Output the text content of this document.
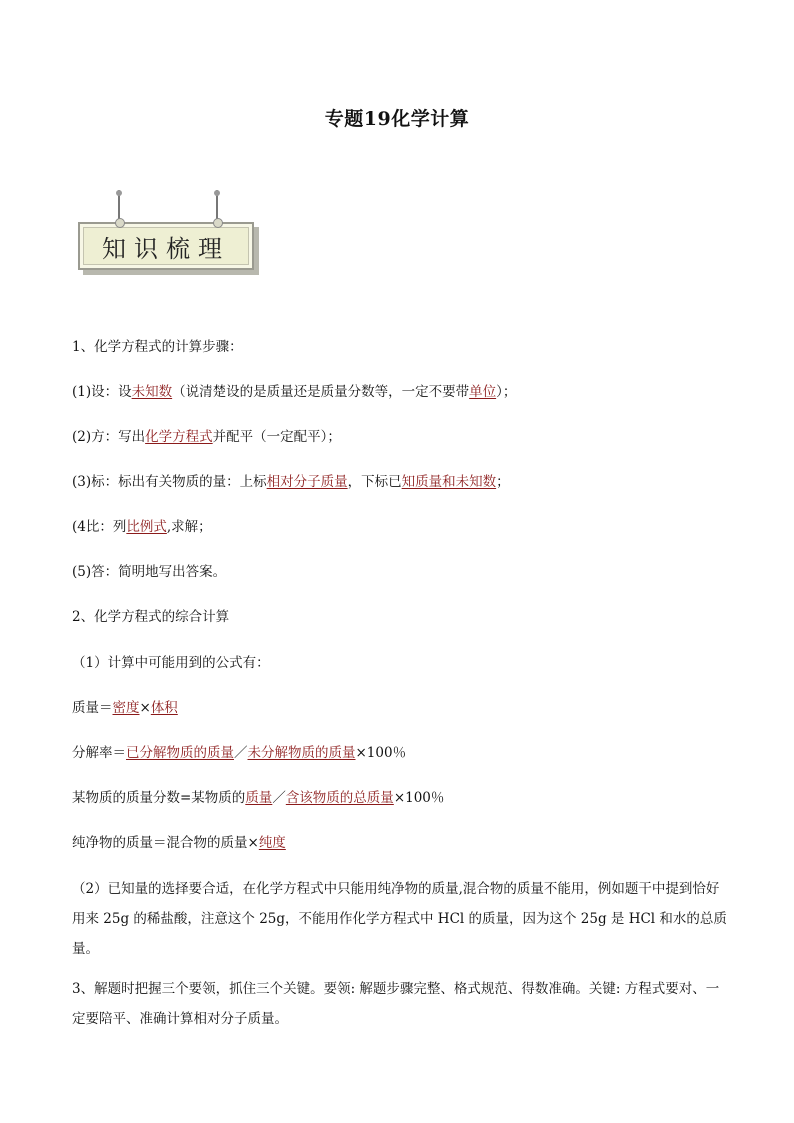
专题19化学计算
知识梳理
1、化学方程式的计算步骤：
(1)设：设未知数（说清楚设的是质量还是质量分数等，一定不要带单位）；
(2)方：写出化学方程式并配平（一定配平）；
(3)标：标出有关物质的量：上标相对分子质量，下标已知质量和未知数；
(4比：列比例式,求解；
(5)答：简明地写出答案。
2、化学方程式的综合计算
（1）计算中可能用到的公式有：
质量＝密度×体积
分解率＝已分解物质的质量／未分解物质的质量×100％
某物质的质量分数=某物质的质量／含该物质的总质量×100％
纯净物的质量＝混合物的质量×纯度
（2）已知量的选择要合适，在化学方程式中只能用纯净物的质量,混合物的质量不能用，例如题干中提到恰好用来 25g 的稀盐酸，注意这个 25g，不能用作化学方程式中 HCl 的质量，因为这个 25g 是 HCl 和水的总质量。
3、解题时把握三个要领，抓住三个关键。要领: 解题步骤完整、格式规范、得数准确。关键: 方程式要对、一定要陪平、准确计算相对分子质量。
